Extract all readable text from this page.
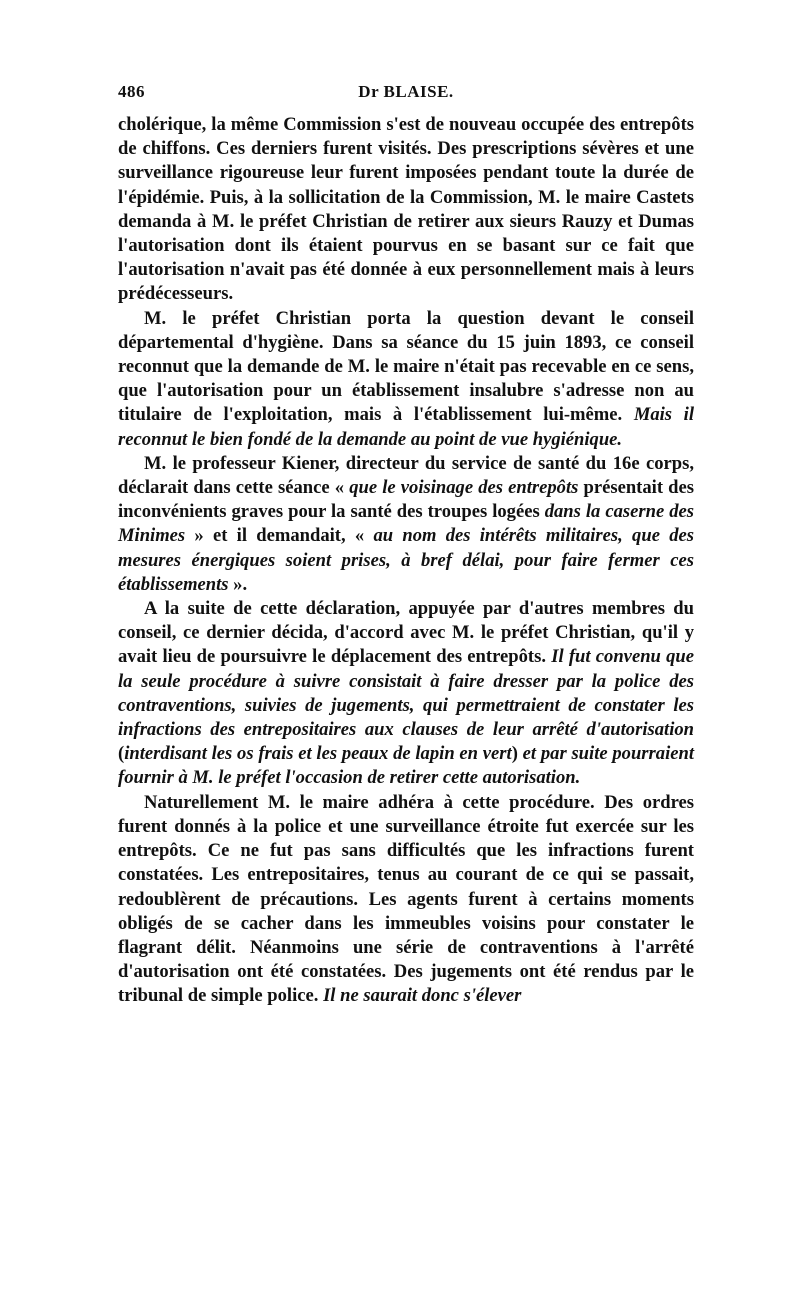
486	Dr BLAISE.

cholérique, la même Commission s'est de nouveau occupée des entrepôts de chiffons. Ces derniers furent visités. Des prescriptions sévères et une surveillance rigoureuse leur furent imposées pendant toute la durée de l'épidémie. Puis, à la sollicitation de la Commission, M. le maire Castets demanda à M. le préfet Christian de retirer aux sieurs Rauzy et Dumas l'autorisation dont ils étaient pourvus en se basant sur ce fait que l'autorisation n'avait pas été donnée à eux personnellement mais à leurs prédécesseurs.

M. le préfet Christian porta la question devant le conseil départemental d'hygiène. Dans sa séance du 15 juin 1893, ce conseil reconnut que la demande de M. le maire n'était pas recevable en ce sens, que l'autorisation pour un établissement insalubre s'adresse non au titulaire de l'exploitation, mais à l'établissement lui-même. Mais il reconnut le bien fondé de la demande au point de vue hygiénique.

M. le professeur Kiener, directeur du service de santé du 16e corps, déclarait dans cette séance « que le voisinage des entrepôts présentait des inconvénients graves pour la santé des troupes logées dans la caserne des Minimes » et il demandait, « au nom des intérêts militaires, que des mesures énergiques soient prises, à bref délai, pour faire fermer ces établissements ».

A la suite de cette déclaration, appuyée par d'autres membres du conseil, ce dernier décida, d'accord avec M. le préfet Christian, qu'il y avait lieu de poursuivre le déplacement des entrepôts. Il fut convenu que la seule procédure à suivre consistait à faire dresser par la police des contraventions, suivies de jugements, qui permettraient de constater les infractions des entrepositaires aux clauses de leur arrêté d'autorisation (interdisant les os frais et les peaux de lapin en vert) et par suite pourraient fournir à M. le préfet l'occasion de retirer cette autorisation.

Naturellement M. le maire adhéra à cette procédure. Des ordres furent donnés à la police et une surveillance étroite fut exercée sur les entrepôts. Ce ne fut pas sans difficultés que les infractions furent constatées. Les entrepositaires, tenus au courant de ce qui se passait, redoublèrent de précautions. Les agents furent à certains moments obligés de se cacher dans les immeubles voisins pour constater le flagrant délit. Néanmoins une série de contraventions à l'arrêté d'autorisation ont été constatées. Des jugements ont été rendus par le tribunal de simple police. Il ne saurait donc s'élever
